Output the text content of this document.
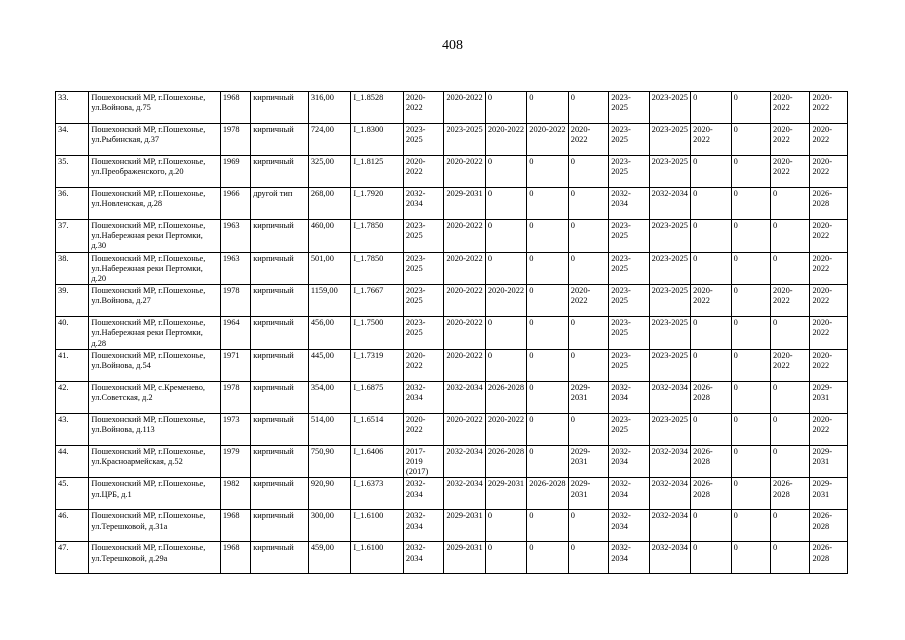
408
33.	Пошехонский МР, г.Пошехонье, ул.Войнова, д.75	1968	кирпичный	316,00	I_1.8528	2020-2022	2020-2022	0	0	0	2023-2025	2023-2025	0	0	2020-2022	2020-2022
34.	Пошехонский МР, г.Пошехонье, ул.Рыбинская, д.37	1978	кирпичный	724,00	I_1.8300	2023-2025	2023-2025	2020-2022	2020-2022	2020-2022	2023-2025	2023-2025	2020-2022	0	2020-2022	2020-2022
35.	Пошехонский МР, г.Пошехонье, ул.Преображенского, д.20	1969	кирпичный	325,00	I_1.8125	2020-2022	2020-2022	0	0	0	2023-2025	2023-2025	0	0	2020-2022	2020-2022
36.	Пошехонский МР, г.Пошехонье, ул.Новленская, д.28	1966	другой тип	268,00	I_1.7920	2032-2034	2029-2031	0	0	0	2032-2034	2032-2034	0	0	0	2026-2028
37.	Пошехонский МР, г.Пошехонье, ул.Набережная реки Пертомки, д.30	1963	кирпичный	460,00	I_1.7850	2023-2025	2020-2022	0	0	0	2023-2025	2023-2025	0	0	0	2020-2022
38.	Пошехонский МР, г.Пошехонье, ул.Набережная реки Пертомки, д.20	1963	кирпичный	501,00	I_1.7850	2023-2025	2020-2022	0	0	0	2023-2025	2023-2025	0	0	0	2020-2022
39.	Пошехонский МР, г.Пошехонье, ул.Войнова, д.27	1978	кирпичный	1159,00	I_1.7667	2023-2025	2020-2022	2020-2022	0	2020-2022	2023-2025	2023-2025	2020-2022	0	2020-2022	2020-2022
40.	Пошехонский МР, г.Пошехонье, ул.Набережная реки Пертомки, д.28	1964	кирпичный	456,00	I_1.7500	2023-2025	2020-2022	0	0	0	2023-2025	2023-2025	0	0	0	2020-2022
41.	Пошехонский МР, г.Пошехонье, ул.Войнова, д.54	1971	кирпичный	445,00	I_1.7319	2020-2022	2020-2022	0	0	0	2023-2025	2023-2025	0	0	2020-2022	2020-2022
42.	Пошехонский МР, с.Кременево, ул.Советская, д.2	1978	кирпичный	354,00	I_1.6875	2032-2034	2032-2034	2026-2028	0	2029-2031	2032-2034	2032-2034	2026-2028	0	0	2029-2031
43.	Пошехонский МР, г.Пошехонье, ул.Войнова, д.113	1973	кирпичный	514,00	I_1.6514	2020-2022	2020-2022	2020-2022	0	0	2023-2025	2023-2025	0	0	0	2020-2022
44.	Пошехонский МР, г.Пошехонье, ул.Красноармейская, д.52	1979	кирпичный	750,90	I_1.6406	2017-2019 (2017)	2032-2034	2026-2028	0	2029-2031	2032-2034	2032-2034	2026-2028	0	0	2029-2031
45.	Пошехонский МР, г.Пошехонье, ул.ЦРБ, д.1	1982	кирпичный	920,90	I_1.6373	2032-2034	2032-2034	2029-2031	2026-2028	2029-2031	2032-2034	2032-2034	2026-2028	0	2026-2028	2029-2031
46.	Пошехонский МР, г.Пошехонье, ул.Терешковой, д.31а	1968	кирпичный	300,00	I_1.6100	2032-2034	2029-2031	0	0	0	2032-2034	2032-2034	0	0	0	2026-2028
47.	Пошехонский МР, г.Пошехонье, ул.Терешковой, д.29а	1968	кирпичный	459,00	I_1.6100	2032-2034	2029-2031	0	0	0	2032-2034	2032-2034	0	0	0	2026-2028
